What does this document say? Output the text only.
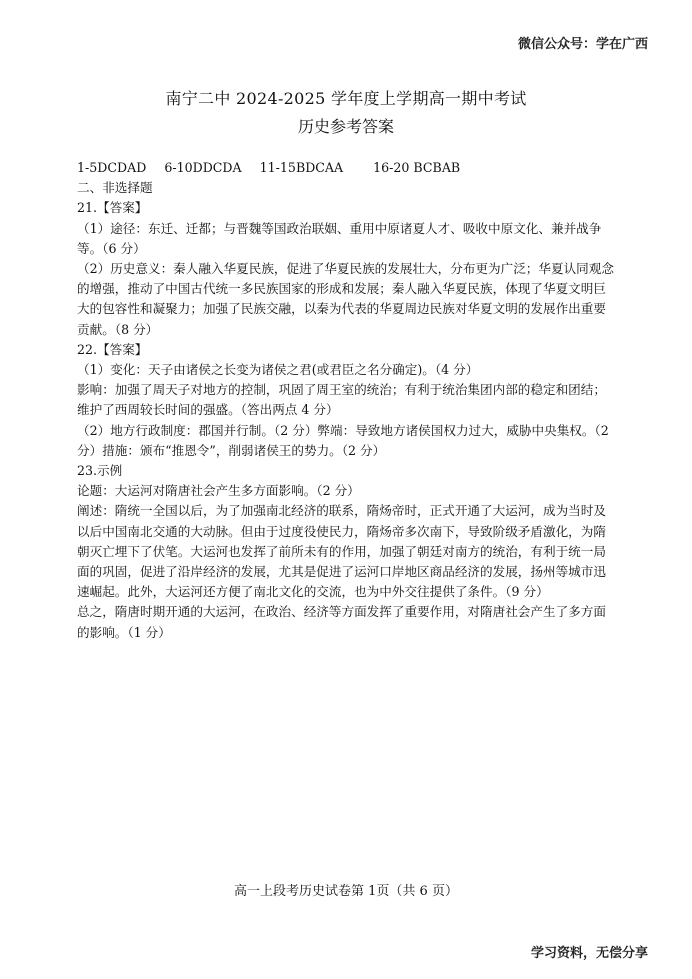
微信公众号：学在广西
南宁二中 2024-2025 学年度上学期高一期中考试
历史参考答案

1-5DCDAD 6-10DDCDA 11-15BDCAA 16-20 BCBAB

二、非选择题

21.【答案】

（1）途径：东迁、迁都；与晋魏等国政治联姻、重用中原诸夏人才、吸收中原文化、兼并战争等。（6 分）

（2）历史意义：秦人融入华夏民族，促进了华夏民族的发展壮大，分布更为广泛；华夏认同观念的增强，推动了中国古代统一多民族国家的形成和发展；秦人融入华夏民族，体现了华夏文明巨大的包容性和凝聚力；加强了民族交融，以秦为代表的华夏周边民族对华夏文明的发展作出重要贡献。（8 分）

22.【答案】

（1）变化：天子由诸侯之长变为诸侯之君(或君臣之名分确定)。（4 分）

影响：加强了周天子对地方的控制，巩固了周王室的统治；有利于统治集团内部的稳定和团结；维护了西周较长时间的强盛。（答出两点 4 分）

（2）地方行政制度：郡国并行制。（2 分）弊端：导致地方诸侯国权力过大，威胁中央集权。（2 分）措施：颁布“推恩令”，削弱诸侯王的势力。（2 分）

23.示例

论题：大运河对隋唐社会产生多方面影响。（2 分）

阐述：隋统一全国以后，为了加强南北经济的联系，隋炀帝时，正式开通了大运河，成为当时及以后中国南北交通的大动脉。但由于过度役使民力，隋炀帝多次南下，导致阶级矛盾激化，为隋朝灭亡埋下了伏笔。大运河也发挥了前所未有的作用，加强了朝廷对南方的统治，有利于统一局面的巩固，促进了沿岸经济的发展，尤其是促进了运河口岸地区商品经济的发展，扬州等城市迅速崛起。此外，大运河还方便了南北文化的交流，也为中外交往提供了条件。（9 分）

总之，隋唐时期开通的大运河，在政治、经济等方面发挥了重要作用，对隋唐社会产生了多方面的影响。（1 分）

高一上段考历史试卷第 1页（共 6 页）
学习资料，无偿分享
